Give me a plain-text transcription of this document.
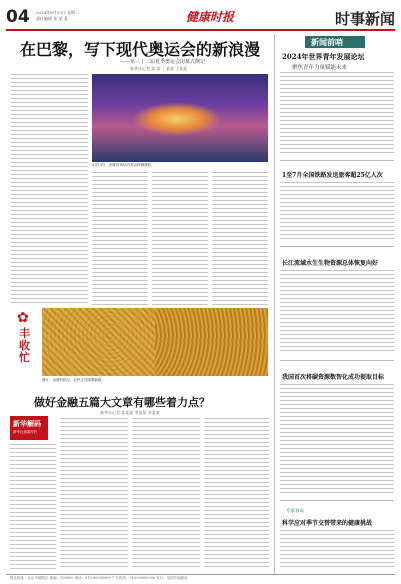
04 2024年8月13日 星期二
责任编辑 张 某 某	健康时报	时事新闻
在巴黎，写下现代奥运会的新浪漫
——第三十三届夏季奥运会闭幕式侧记
新华社记者 某 某 丁某某 王某某
8月11日，国家体育场内观众挥舞旗帜。
✿
丰收忙
图片：金黄的稻谷，农民正在晾晒新粮。
做好金融五篇大文章有哪些着力点？
新华社记者 某某某 李某某 张某某
新华解码
新华社高端专栏
新闻前哨
2024年世界青年发展论坛
聚焦青年力量赋能未来
1至7月全国铁路发送旅客超25亿人次
长江流域水生生物资源总体恢复向好
我国首次将碳资源数智化成功提取目标
专家看农
科学应对季节交替带来的健康挑战
报社地址：北京市朝阳区 邮编：100000 电话：010-00000000 广告热线：010-00000000 发行：全国各地邮局
